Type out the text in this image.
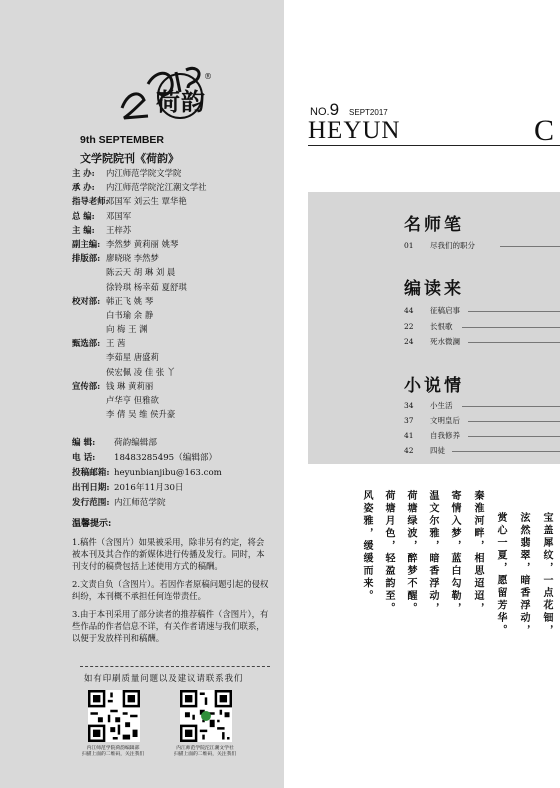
荷韵
®
9th SEPTEMBER
文学院院刊《荷韵》
主 办: 内江师范学院文学院
承 办: 内江师范学院沱江潮文学社
指导老师:
邓国军 刘云生 覃华艳
总 编: 邓国军
主 编: 王梓苏
副主编: 李然梦 黄莉丽 姚琴
排版部: 廖晓晓 李然梦
陈云天 胡 琳 刘 晨
徐铃琪 杨幸茹 夏舒琪
校对部: 韩正飞 姚 琴
白书瑜 余 静
向 梅 王 渊
甄选部: 王 茜
李茹星 唐盛莉
侯宏佩 凌 佳 张 丫
宣传部: 钱 琳 黄莉丽
卢华亨 但雅欲
李 倩 吴 维 侯升豪
编 辑: 荷韵编辑部
电 话: 18483285495（编辑部）
投稿邮箱: heyunbianjibu@163.com
出刊日期: 2016年11月30日
发行范围: 内江师范学院
温馨提示:

1.稿件（含图片）如果被采用，除非另有约定，将会被本刊及其合作的新媒体进行传播及发行。同时，本刊支付的稿费包括上述使用方式的稿酬。

2.文责自负（含图片）。若因作者原稿问题引起的侵权纠纷，本刊概不承担任何连带责任。

3.由于本刊采用了部分读者的推荐稿件（含图片），有些作品的作者信息不详，有关作者请速与我们联系，以便于发放样刊和稿酬。

如有印刷质量问题以及建议请联系我们
内江师范学院荷韵编辑部
扫描上面的二维码，关注我们
内江师范学院沱江潮文学社
扫描上面的二维码，关注我们
NO.9 SEPT2017
HEYUN	C
名师笔
01 尽我们的职分
编读来
44 征稿启事
22 长恨歌
24 死水微澜
小说情
34 小生活
37 文明皇后
41 自我修养
42 四徒
宝盖犀纹，一点花钿，
泫然翡翠，暗香浮动，
赏心一夏，愿留芳华。
秦淮河畔，相思迢迢，
寄情入梦，蓝白勾勒，
温文尔雅，暗香浮动，
荷塘绿波，醉梦不醒。
荷塘月色，轻盈韵至。
风姿雅，缓缓而来。
